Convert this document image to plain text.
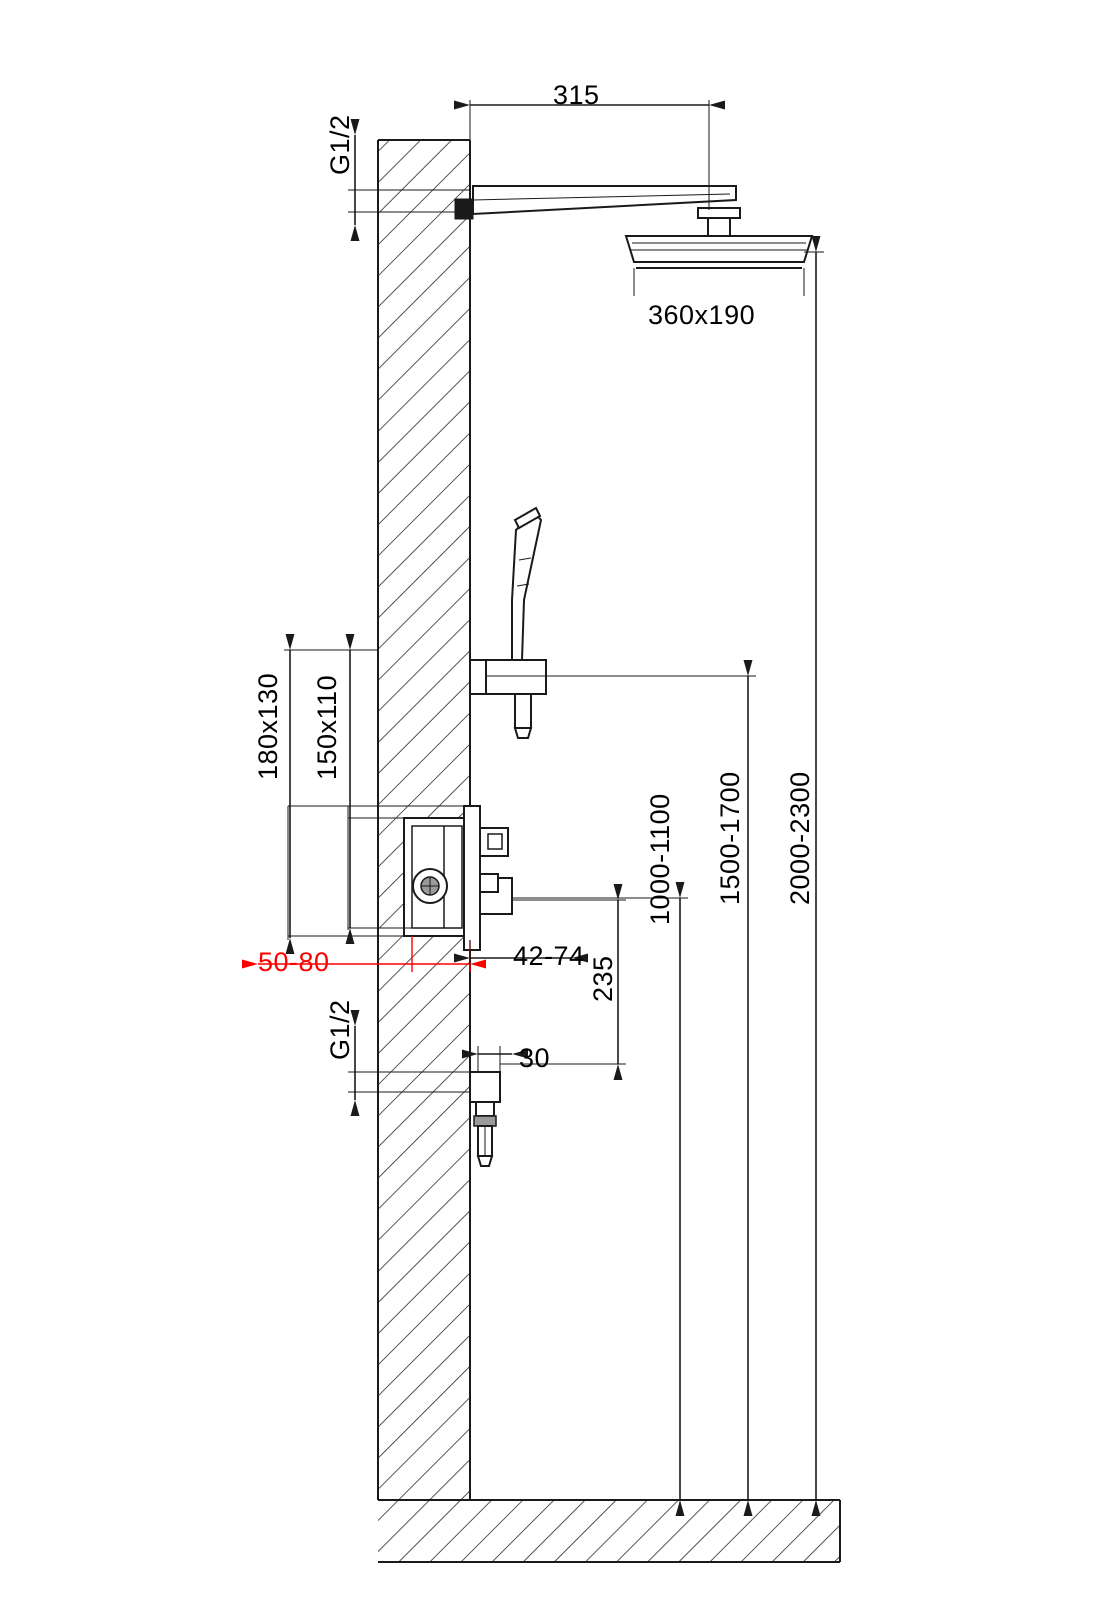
315
G1/2
360x190
180x130 150x110
50-80	42-74
G1/2	30
235
1000-1100 1500-1700 2000-2300
